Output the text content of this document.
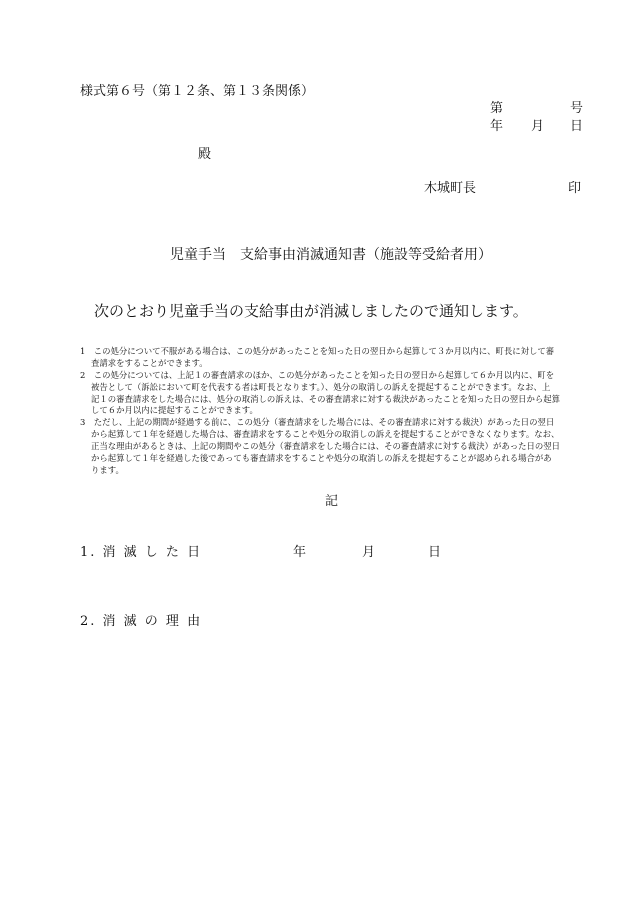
様式第６号（第１２条、第１３条関係）
第	号
年 月 日
殿
木城町長	印
児童手当　支給事由消滅通知書（施設等受給者用）
次のとおり児童手当の支給事由が消滅しましたので通知します。
1　この処分について不服がある場合は、この処分があったことを知った日の翌日から起算して３か月以内に、町長に対して審
　 査請求をすることができます。
2　この処分については、上記１の審査請求のほか、この処分があったことを知った日の翌日から起算して６か月以内に、町を
　 被告として（訴訟において町を代表する者は町長となります。）、処分の取消しの訴えを提起することができます。なお、上
　 記１の審査請求をした場合には、処分の取消しの訴えは、その審査請求に対する裁決があったことを知った日の翌日から起算
　 して６か月以内に提起することができます。
3　ただし、上記の期間が経過する前に、この処分（審査請求をした場合には、その審査請求に対する裁決）があった日の翌日
　 から起算して１年を経過した場合は、審査請求をすることや処分の取消しの訴えを提起することができなくなります。なお、
　 正当な理由があるときは、上記の期間やこの処分（審査請求をした場合には、その審査請求に対する裁決）があった日の翌日
　 から起算して１年を経過した後であっても審査請求をすることや処分の取消しの訴えを提起することが認められる場合があ
　 ります。
記
1. 消 滅 し た 日	年	月	日
2. 消 滅 の 理 由
